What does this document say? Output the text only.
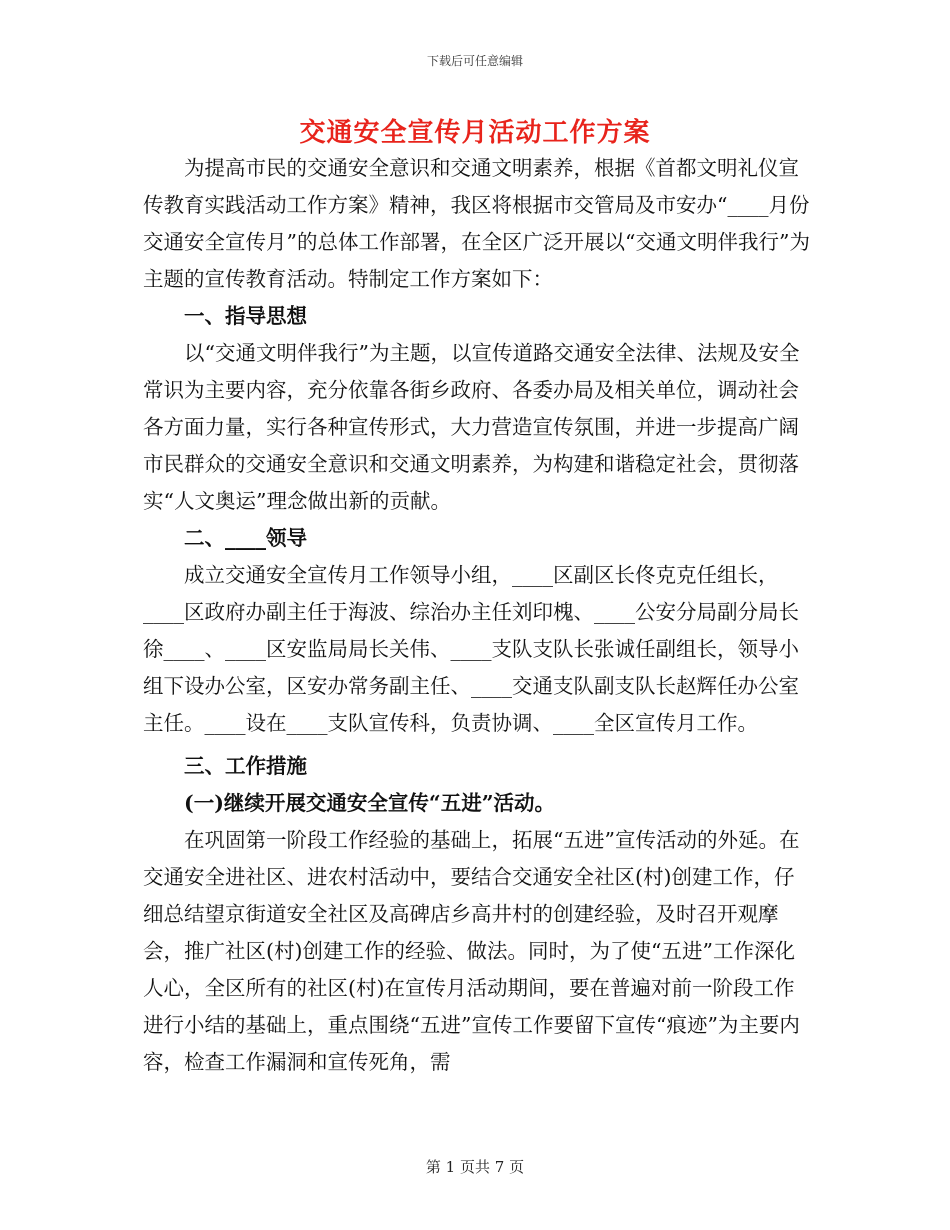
下载后可任意编辑
交通安全宣传月活动工作方案

为提高市民的交通安全意识和交通文明素养，根据《首都文明礼仪宣传教育实践活动工作方案》精神，我区将根据市交管局及市安办“____月份交通安全宣传月”的总体工作部署，在全区广泛开展以“交通文明伴我行”为主题的宣传教育活动。特制定工作方案如下：

一、指导思想

以“交通文明伴我行”为主题，以宣传道路交通安全法律、法规及安全常识为主要内容，充分依靠各街乡政府、各委办局及相关单位，调动社会各方面力量，实行各种宣传形式，大力营造宣传氛围，并进一步提高广阔市民群众的交通安全意识和交通文明素养，为构建和谐稳定社会，贯彻落实“人文奥运”理念做出新的贡献。

二、____领导

成立交通安全宣传月工作领导小组，____区副区长佟克克任组长，____区政府办副主任于海波、综治办主任刘印槐、____公安分局副分局长徐____、____区安监局局长关伟、____支队支队长张诚任副组长，领导小组下设办公室，区安办常务副主任、____交通支队副支队长赵辉任办公室主任。____设在____支队宣传科，负责协调、____全区宣传月工作。

三、工作措施

(一)继续开展交通安全宣传“五进”活动。

在巩固第一阶段工作经验的基础上，拓展“五进”宣传活动的外延。在交通安全进社区、进农村活动中，要结合交通安全社区(村)创建工作，仔细总结望京街道安全社区及高碑店乡高井村的创建经验，及时召开观摩会，推广社区(村)创建工作的经验、做法。同时，为了使“五进”工作深化人心，全区所有的社区(村)在宣传月活动期间，要在普遍对前一阶段工作进行小结的基础上，重点围绕“五进”宣传工作要留下宣传“痕迹”为主要内容，检查工作漏洞和宣传死角，需

第 1 页共 7 页
